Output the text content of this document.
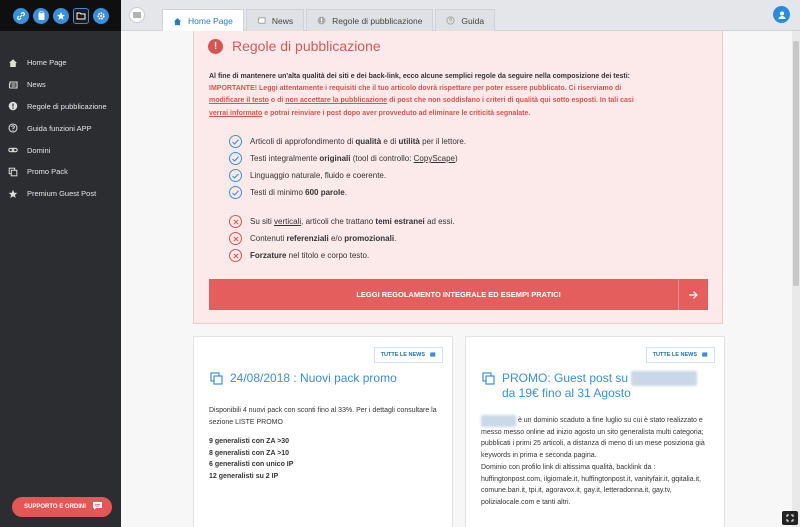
Home Page
News
Regole di pubblicazione
Guida funzioni APP
Domini
Promo Pack
Premium Guest Post
SUPPORTO E ORDINI
Home Page	News	Regole di pubblicazione	Guida
!	Regole di pubblicazione
Al fine di mantenere un'alta qualità dei siti e dei back-link, ecco alcune semplici regole da seguire nella composizione dei testi:
IMPORTANTE! Leggi attentamente i requisiti che il tuo articolo dovrà rispettare per poter essere pubblicato. Ci riserviamo di
modificare il testo o di non accettare la pubblicazione di post che non soddisfano i criteri di qualità qui sotto esposti. In tali casi
verrai informato e potrai reinviare i post dopo aver provveduto ad eliminare le criticità segnalate.
Articoli di approfondimento di qualità e di utilità per il lettore.
Testi integralmente originali (tool di controllo: CopyScape)
Linguaggio naturale, fluido e coerente.
Testi di minimo 600 parole.
Su siti verticali, articoli che trattano temi estranei ad essi.
Contenuti referenziali e/o promozionali.
Forzature nel titolo e corpo testo.
LEGGI REGOLAMENTO INTEGRALE ED ESEMPI PRATICI
TUTTE LE NEWS
24/08/2018 : Nuovi pack promo
Disponibili 4 nuovi pack con sconti fino al 33%. Per i dettagli consultare la sezione LISTE PROMO
9 generalisti con ZA >30
8 generalisti con ZA >10
6 generalisti con unico IP
12 generalisti su 2 IP
TUTTE LE NEWS
PROMO: Guest post su
da 19€ fino al 31 Agosto
è un dominio scaduto a fine luglio su cui è stato realizzato e messo messo online ad inizio agosto un sito generalista multi categoria; pubblicati i primi 25 articoli, a distanza di meno di un mese posiziona già keywords in prima e seconda pagina.
Dominio con profilo link di altissima qualità, backlink da : huffingtonpost.com, ilgiornale.it, huffingtonpost.it, vanityfair.it, gqitalia.it, comune.bari.it, tpi.it, agoravox.it, gay.it, letteradonna.it, gay.tv, polizialocale.com e tanti altri.
